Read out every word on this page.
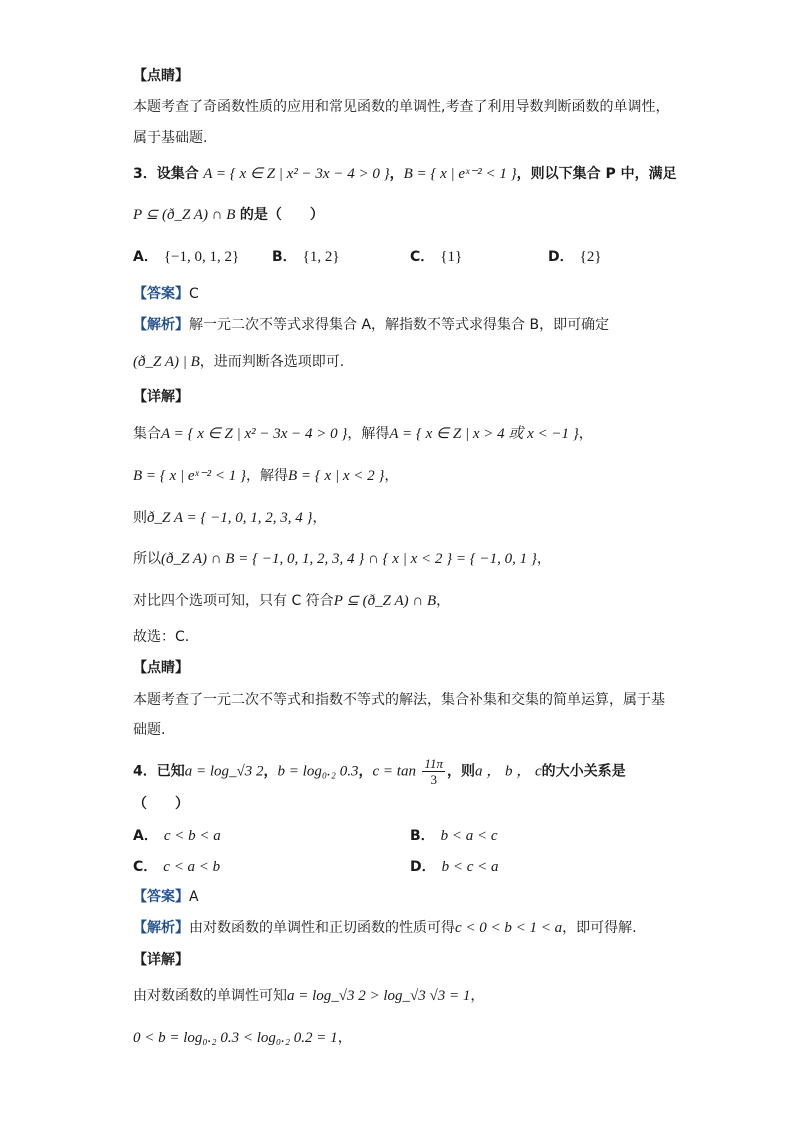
【点睛】
本题考查了奇函数性质的应用和常见函数的单调性,考查了利用导数判断函数的单调性，
属于基础题.
3．设集合 A = { x ∈ Z | x² − 3x − 4 > 0 }，B = { x | eˣ⁻² < 1 }，则以下集合 P 中，满足
P ⊆ (ð_Z A) ∩ B 的是（　　）
A． {−1, 0, 1, 2} B． {1, 2}	C． {1}	D． {2}
【答案】C
【解析】解一元二次不等式求得集合 A，解指数不等式求得集合 B，即可确定
(ð_Z A) | B，进而判断各选项即可.
【详解】
集合A = { x ∈ Z | x² − 3x − 4 > 0 }，解得A = { x ∈ Z | x > 4 或 x < −1 }，
B = { x | eˣ⁻² < 1 }，解得B = { x | x < 2 }，
则ð_Z A = { −1, 0, 1, 2, 3, 4 }，
所以(ð_Z A) ∩ B = { −1, 0, 1, 2, 3, 4 } ∩ { x | x < 2 } = { −1, 0, 1 }，
对比四个选项可知，只有 C 符合P ⊆ (ð_Z A) ∩ B，
故选：C.
【点睛】
本题考查了一元二次不等式和指数不等式的解法，集合补集和交集的简单运算，属于基
础题.
4．已知a = log_√3 2，b = log₀.₂ 0.3，$c = \tan \frac{11\pi}{3}$ ，则a ， b ， c的大小关系是
（　　）
A． c < b < a	B． b < a < c
C． c < a < b	D． b < c < a
【答案】A
【解析】由对数函数的单调性和正切函数的性质可得c < 0 < b < 1 < a，即可得解.
【详解】
由对数函数的单调性可知a = log_√3 2 > log_√3 √3 = 1，
0 < b = log₀.₂ 0.3 < log₀.₂ 0.2 = 1，
